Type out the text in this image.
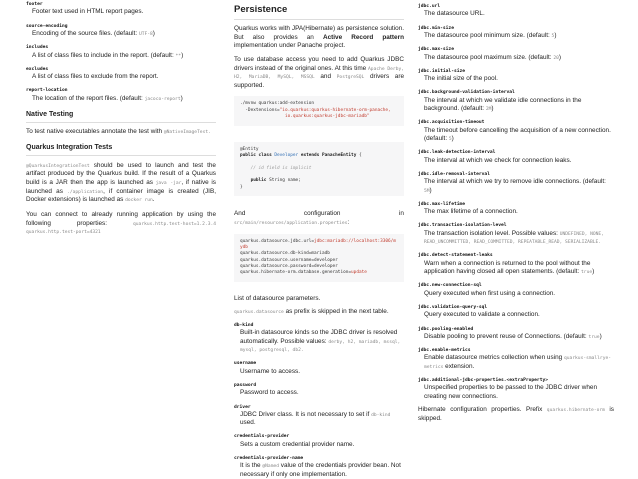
footer
Footer text used in HTML report pages.
source-encoding
Encoding of the source files. (default: UTF-8)
includes
A list of class files to include in the report. (default: **)
excludes
A list of class files to exclude from the report.
report-location
The location of the report files. (default: jacoco-report)
Native Testing
To test native executables annotate the test with @NativeImageTest.
Quarkus Integration Tests
@QuarkusIntegrationTest should be used to launch and test the artifact produced by the Quarkus build. If the result of a Quarkus build is a JAR then the app is launched as java -jar, if native is launched as ./application, if container image is created (JIB, Docker extensions) is launched as docker run.
You can connect to already running application by using the following properties:	quarkus.http.test-host=1.2.3.4 quarkus.http.test-port=4321
Persistence
Quarkus works with JPA(Hibernate) as persistence solution. But also provides an Active Record pattern implementation under Panache project.
To use database access you need to add Quarkus JDBC drivers instead of the original ones. At this time Apache Derby, H2, MariaDB, MySQL, MSSQL and PostgreSQL drivers are supported.
./mvnw quarkus:add-extension
-Dextensions="io.quarkus:quarkus-hibernate-orm-panache,
io.quarkus:quarkus-jdbc-mariadb"
@Entity
public class Developer extends PanacheEntity {

// id field is implicit

public String name;
}
And configuration in src/main/resources/application.properties:
quarkus.datasource.jdbc.url=jdbc:mariadb://localhost:3306/m
ydb
quarkus.datasource.db-kind=mariadb
quarkus.datasource.username=developer
quarkus.datasource.password=developer
quarkus.hibernate-orm.database.generation=update
List of datasource parameters.
quarkus.datasource as prefix is skipped in the next table.
db-kind
Built-in datasource kinds so the JDBC driver is resolved automatically. Possible values: derby, h2, mariadb, mssql, mysql, postgresql, db2.
username
Username to access.
password
Password to access.
driver
JDBC Driver class. It is not necessary to set if db-kind used.
credentials-provider
Sets a custom credential provider name.
credentials-provider-name
It is the @Named value of the credentials provider bean. Not necessary if only one implementation.
jdbc.url
The datasource URL.
jdbc.min-size
The datasource pool minimum size. (default: 5)
jdbc.max-size
The datasource pool maximum size. (default: 20)
jdbc.initial-size
The initial size of the pool.
jdbc.background-validation-interval
The interval at which we validate idle connections in the background. (default: 2M)
jdbc.acquisition-timeout
The timeout before cancelling the acquisition of a new connection. (default: 5)
jdbc.leak-detection-interval
The interval at which we check for connection leaks.
jdbc.idle-removal-interval
The interval at which we try to remove idle connections. (default: 5M)
jdbc.max-lifetime
The max lifetime of a connection.
jdbc.transaction-isolation-level
The transaction isolation level. Possible values: UNDEFINED, NONE, READ_UNCOMMITTED, READ_COMMITTED, REPEATABLE_READ, SERIALIZABLE.
jdbc.detect-statement-leaks
Warn when a connection is returned to the pool without the application having closed all open statements. (default: true)
jdbc.new-connection-sql
Query executed when first using a connection.
jdbc.validation-query-sql
Query executed to validate a connection.
jdbc.pooling-enabled
Disable pooling to prevent reuse of Connections. (default: true)
jdbc.enable-metrics
Enable datasource metrics collection when using quarkus-smallrye-metrics extension.
jdbc.additional-jdbc-properties.<extraProperty>
Unspecified properties to be passed to the JDBC driver when creating new connections.
Hibernate configuration properties. Prefix quarkus.hibernate-orm is skipped.
